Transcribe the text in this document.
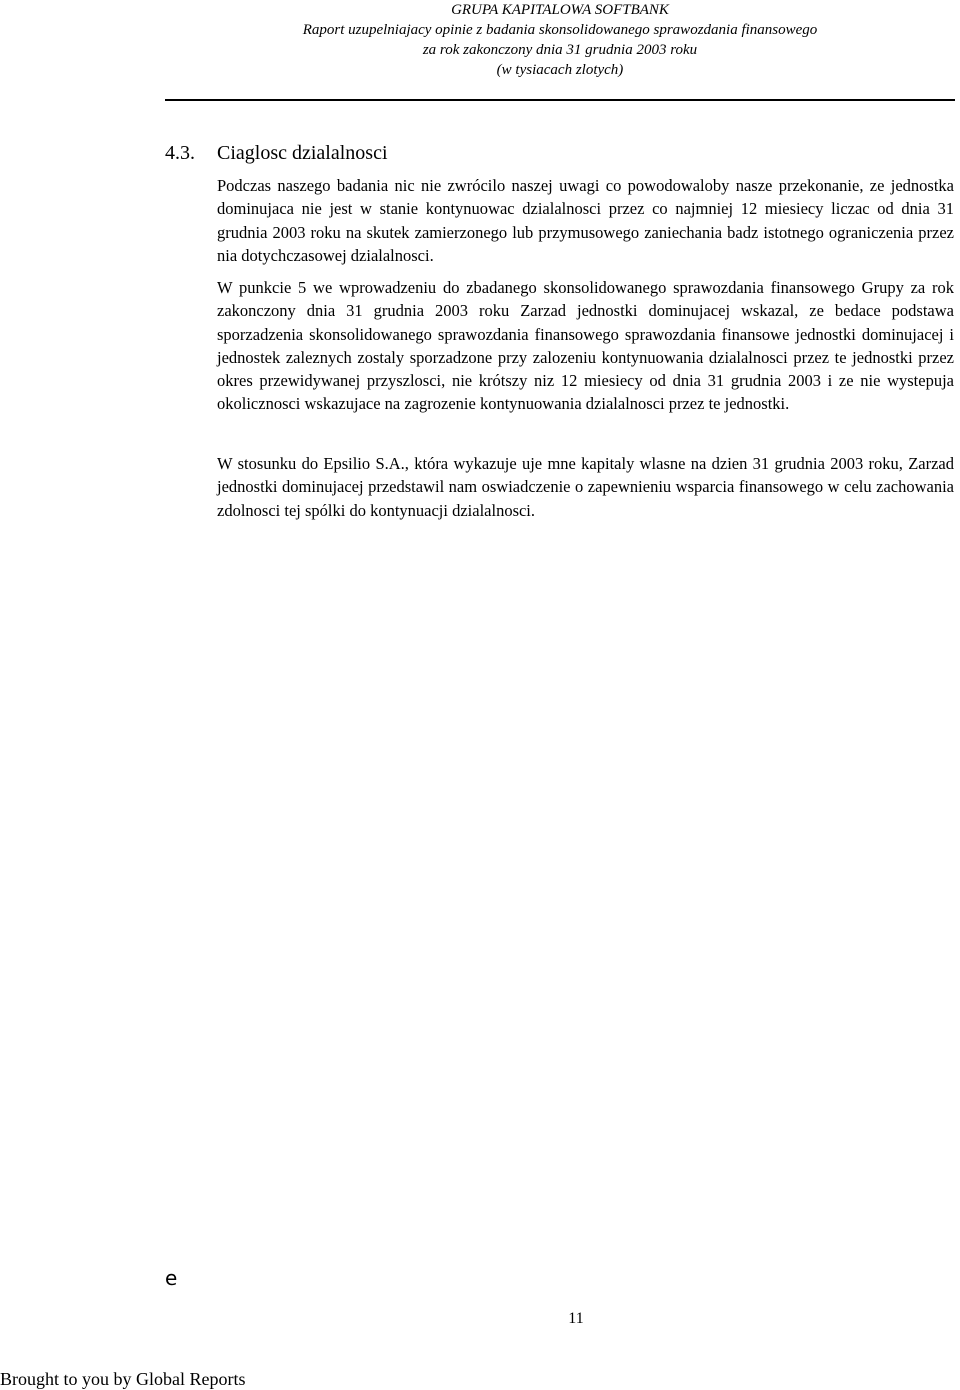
GRUPA KAPITALOWA SOFTBANK
Raport uzupelniajacy opinie z badania skonsolidowanego sprawozdania finansowego
za rok zakonczony dnia 31 grudnia 2003 roku
(w tysiacach zlotych)
4.3. Ciaglosc dzialalnosci

Podczas naszego badania nic nie zwrócilo naszej uwagi co powodowaloby nasze przekonanie, ze jednostka dominujaca nie jest w stanie kontynuowac dzialalnosci przez co najmniej 12 miesiecy liczac od dnia 31 grudnia 2003 roku na skutek zamierzonego lub przymusowego zaniechania badz istotnego ograniczenia przez nia dotychczasowej dzialalnosci.

W punkcie 5 we wprowadzeniu do zbadanego skonsolidowanego sprawozdania finansowego Grupy za rok zakonczony dnia 31 grudnia 2003 roku Zarzad jednostki dominujacej wskazal, ze bedace podstawa sporzadzenia skonsolidowanego sprawozdania finansowego sprawozdania finansowe jednostki dominujacej i jednostek zaleznych zostaly sporzadzone przy zalozeniu kontynuowania dzialalnosci przez te jednostki przez okres przewidywanej przyszlosci, nie krótszy niz 12 miesiecy od dnia 31 grudnia 2003 i ze nie wystepuja okolicznosci wskazujace na zagrozenie kontynuowania dzialalnosci przez te jednostki.

W stosunku do Epsilio S.A., która wykazuje uje mne kapitaly wlasne na dzien 31 grudnia 2003 roku, Zarzad jednostki dominujacej przedstawil nam oswiadczenie o zapewnieniu wsparcia finansowego w celu zachowania zdolnosci tej spólki do kontynuacji dzialalnosci.

e
11
Brought to you by Global Reports
